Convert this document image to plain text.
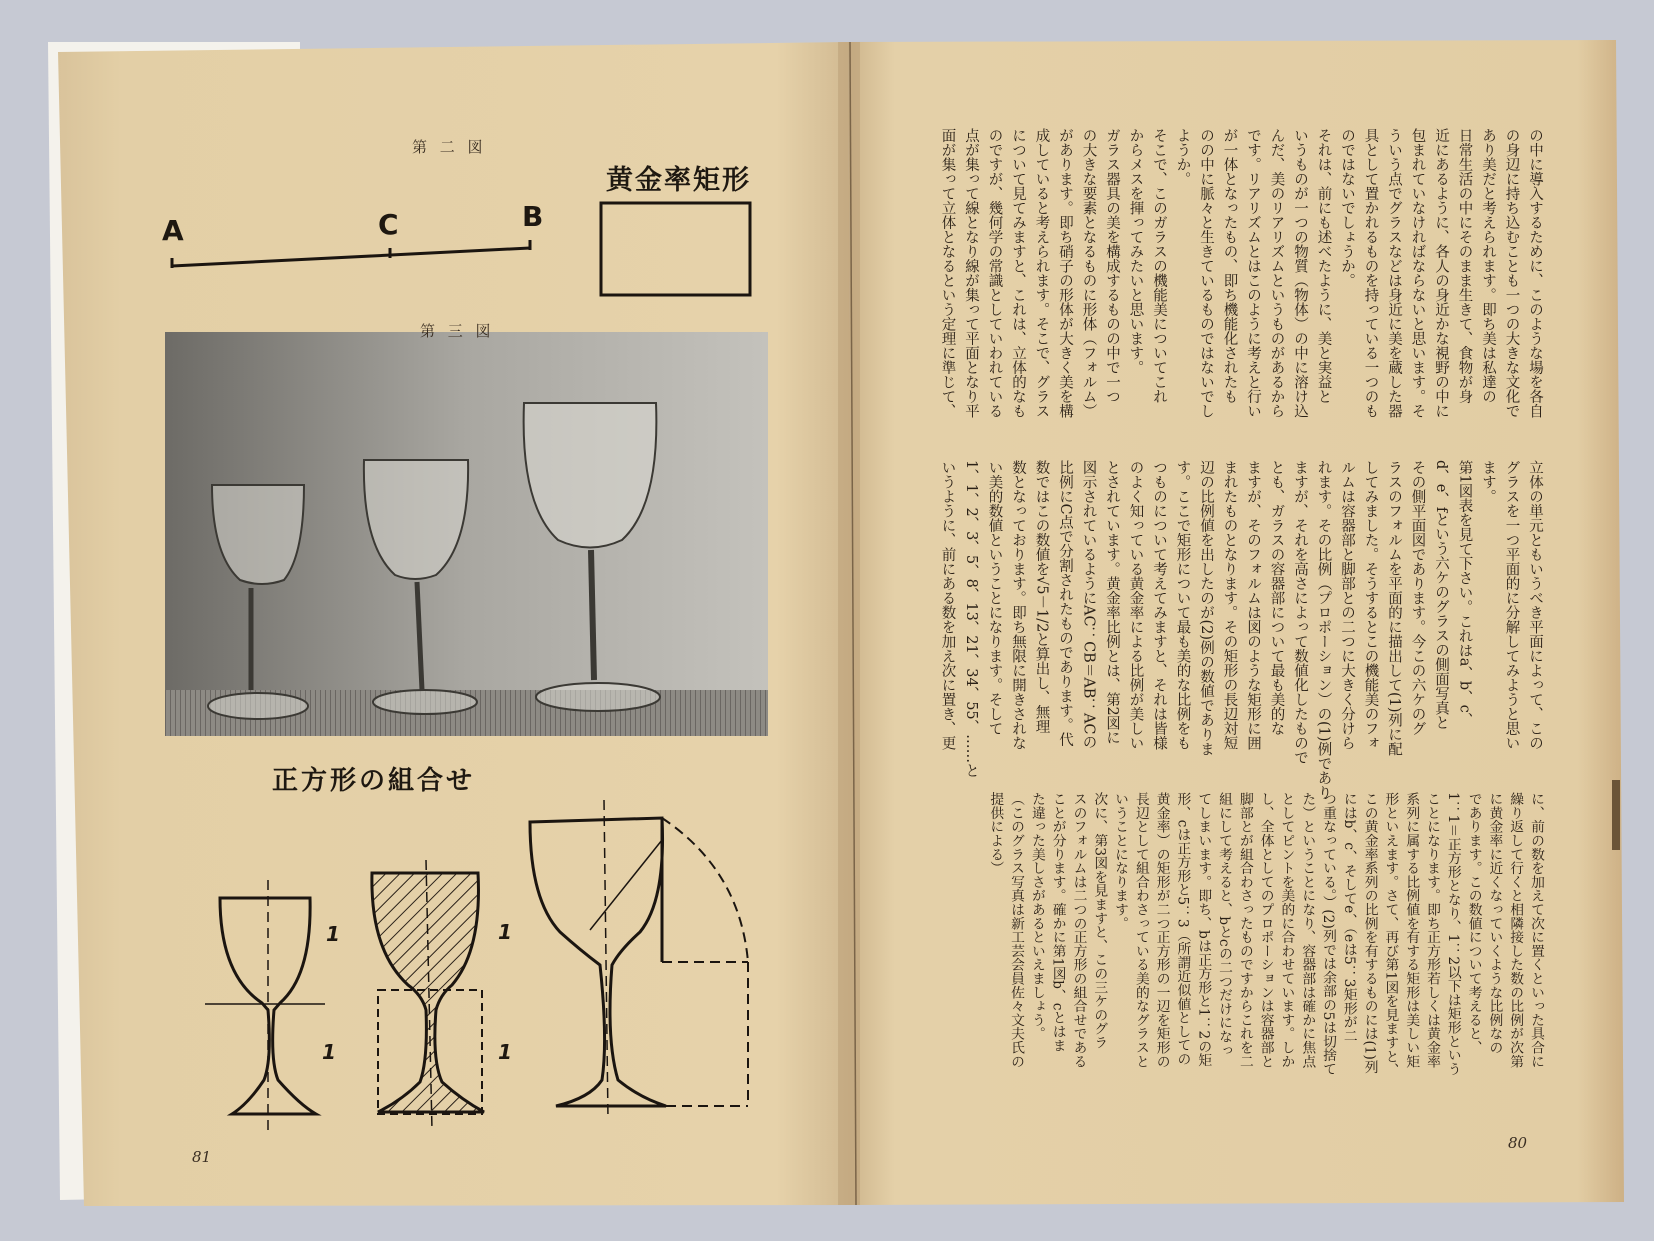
第 二 図
黄金率矩形
A	C	B
第 三 図
正方形の組合せ
1
1
1
1
81
の中に導入するために、このような場を各自
の身辺に持ち込むことも一つの大きな文化で
あり美だと考えられます。即ち美は私達の
日常生活の中にそのまま生きて、食物が身
近にあるように、各人の身近かな視野の中に
包まれていなければならないと思います。そ
ういう点でグラスなどは身近に美を蔵した器
具として置かれるものを持っている一つのも
のではないでしょうか。
それは、前にも述べたように、美と実益と
いうものが一つの物質（物体）の中に溶け込
んだ、美のリアリズムというものがあるから
です。リアリズムとはこのように考えと行い
が一体となったもの、即ち機能化されたも
のの中に脈々と生きているものではないでし
ようか。
そこで、このガラスの機能美についてこれ
からメスを揮ってみたいと思います。
ガラス器具の美を構成するものの中で一つ
の大きな要素となるものに形体（フォルム）
があります。即ち硝子の形体が大きく美を構
成していると考えられます。そこで、グラス
について見てみますと、これは、立体的なも
のですが、幾何学の常識としていわれている
点が集って線となり線が集って平面となり平
面が集って立体となるという定理に準じて、
立体の単元ともいうべき平面によって、この
グラスを一つ平面的に分解してみようと思い
ます。
第1図表を見て下さい。これはa、b、c、
d、e、fという六ケのグラスの側面写真と
その側平面図であります。今この六ケのグ
ラスのフォルムを平面的に描出して(1)列に配
してみました。そうするとこの機能美のフォ
ルムは容器部と脚部との二つに大きく分けら
れます。その比例（プロポーション）の(1)例であり
ますが、それを高さによって数値化したもので
とも、ガラスの容器部について最も美的な
ますが、そのフォルムは図のような矩形に囲
まれたものとなります。その矩形の長辺対短
辺の比例値を出したのが(2)例の数値でありま
す。ここで矩形について最も美的な比例をも
つものについて考えてみますと、それは皆様
のよく知っている黄金率による比例が美しい
とされています。黄金率比例とは、第2図に
図示されているようにAC：CB＝AB：ACの
比例にC点で分割されたものであります。代
数ではこの数値を√5－1/2と算出し、無理
数となっております。即ち無限に開きされな
い美的数値ということになります。そして
1、1、2、3、5、8、13、21、34、55、……と
いうように、前にある数を加え次に置き、更
に、前の数を加えて次に置くといった具合に
繰り返して行くと相隣接した数の比例が次第
に黄金率に近くなっていくような比例なの
であります。この数値について考えると、
1：1＝正方形となり、1：2以下は矩形という
ことになります。即ち正方形若しくは黄金率
系列に属する比例値を有する矩形は美しい矩
形といえます。さて、再び第1図を見ますと、
この黄金率系列の比例を有するものには(1)列
にはb、c、そしてe、（eは5：3矩形が二
つ重なっている。）(2)列では余部の5は切捨て
た）ということになり、容器部は確かに焦点
としてピントを美的に合わせています。しか
し、全体としてのプロポーションは容器部と
脚部とが組合わさったものですからこれを二
組にして考えると、bとcの二つだけになっ
てしまいます。即ち、bは正方形と1：2の矩
形、cは正方形と5：3（所謂近似値としての
黄金率）の矩形が二つ正方形の一辺を矩形の
長辺として組合わさっている美的なグラスと
いうことになります。
次に、第3図を見ますと、この三ケのグラ
スのフォルムは二つの正方形の組合せである
ことが分ります。確かに第1図b、cとはま
た違った美しさがあるといえましょう。
（このグラス写真は新工芸会員佐々文夫氏の
提供による）
80
